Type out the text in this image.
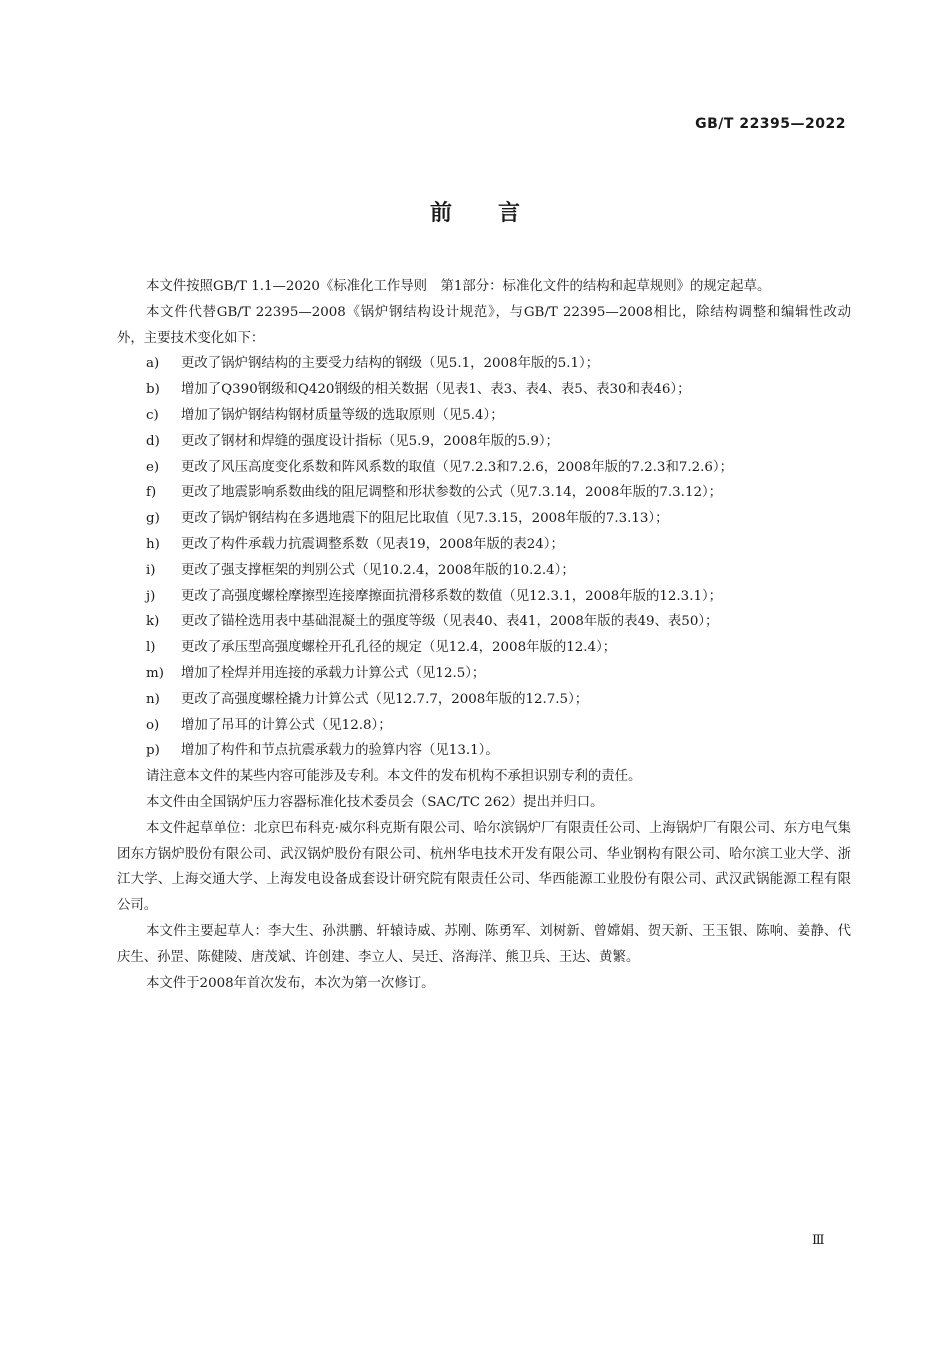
GB/T 22395—2022
前言

本文件按照GB/T 1.1—2020《标准化工作导则　第1部分：标准化文件的结构和起草规则》的规定起草。

本文件代替GB/T 22395—2008《锅炉钢结构设计规范》，与GB/T 22395—2008相比，除结构调整和编辑性改动外，主要技术变化如下：

a)	更改了锅炉钢结构的主要受力结构的钢级（见5.1，2008年版的5.1）；
b)	增加了Q390钢级和Q420钢级的相关数据（见表1、表3、表4、表5、表30和表46）；
c)	增加了锅炉钢结构钢材质量等级的选取原则（见5.4）；
d)	更改了钢材和焊缝的强度设计指标（见5.9，2008年版的5.9）；
e)	更改了风压高度变化系数和阵风系数的取值（见7.2.3和7.2.6，2008年版的7.2.3和7.2.6）；
f)	更改了地震影响系数曲线的阻尼调整和形状参数的公式（见7.3.14，2008年版的7.3.12）；
g)	更改了锅炉钢结构在多遇地震下的阻尼比取值（见7.3.15，2008年版的7.3.13）；
h)	更改了构件承载力抗震调整系数（见表19，2008年版的表24）；
i)	更改了强支撑框架的判别公式（见10.2.4，2008年版的10.2.4）；
j)	更改了高强度螺栓摩擦型连接摩擦面抗滑移系数的数值（见12.3.1，2008年版的12.3.1）；
k)	更改了锚栓选用表中基础混凝土的强度等级（见表40、表41，2008年版的表49、表50）；
l)	更改了承压型高强度螺栓开孔孔径的规定（见12.4，2008年版的12.4）；
m)	增加了栓焊并用连接的承载力计算公式（见12.5）；
n)	更改了高强度螺栓撬力计算公式（见12.7.7，2008年版的12.7.5）；
o)	增加了吊耳的计算公式（见12.8）；
p)	增加了构件和节点抗震承载力的验算内容（见13.1）。

请注意本文件的某些内容可能涉及专利。本文件的发布机构不承担识别专利的责任。

本文件由全国锅炉压力容器标准化技术委员会（SAC/TC 262）提出并归口。

本文件起草单位：北京巴布科克·威尔科克斯有限公司、哈尔滨锅炉厂有限责任公司、上海锅炉厂有限公司、东方电气集团东方锅炉股份有限公司、武汉锅炉股份有限公司、杭州华电技术开发有限公司、华业钢构有限公司、哈尔滨工业大学、浙江大学、上海交通大学、上海发电设备成套设计研究院有限责任公司、华西能源工业股份有限公司、武汉武锅能源工程有限公司。

本文件主要起草人：李大生、孙洪鹏、轩辕诗威、苏刚、陈勇军、刘树新、曾嫦娟、贺天新、王玉银、陈响、姜静、代庆生、孙罡、陈健陵、唐茂斌、许创建、李立人、吴迁、洛海洋、熊卫兵、王达、黄繁。

本文件于2008年首次发布，本次为第一次修订。

Ⅲ
